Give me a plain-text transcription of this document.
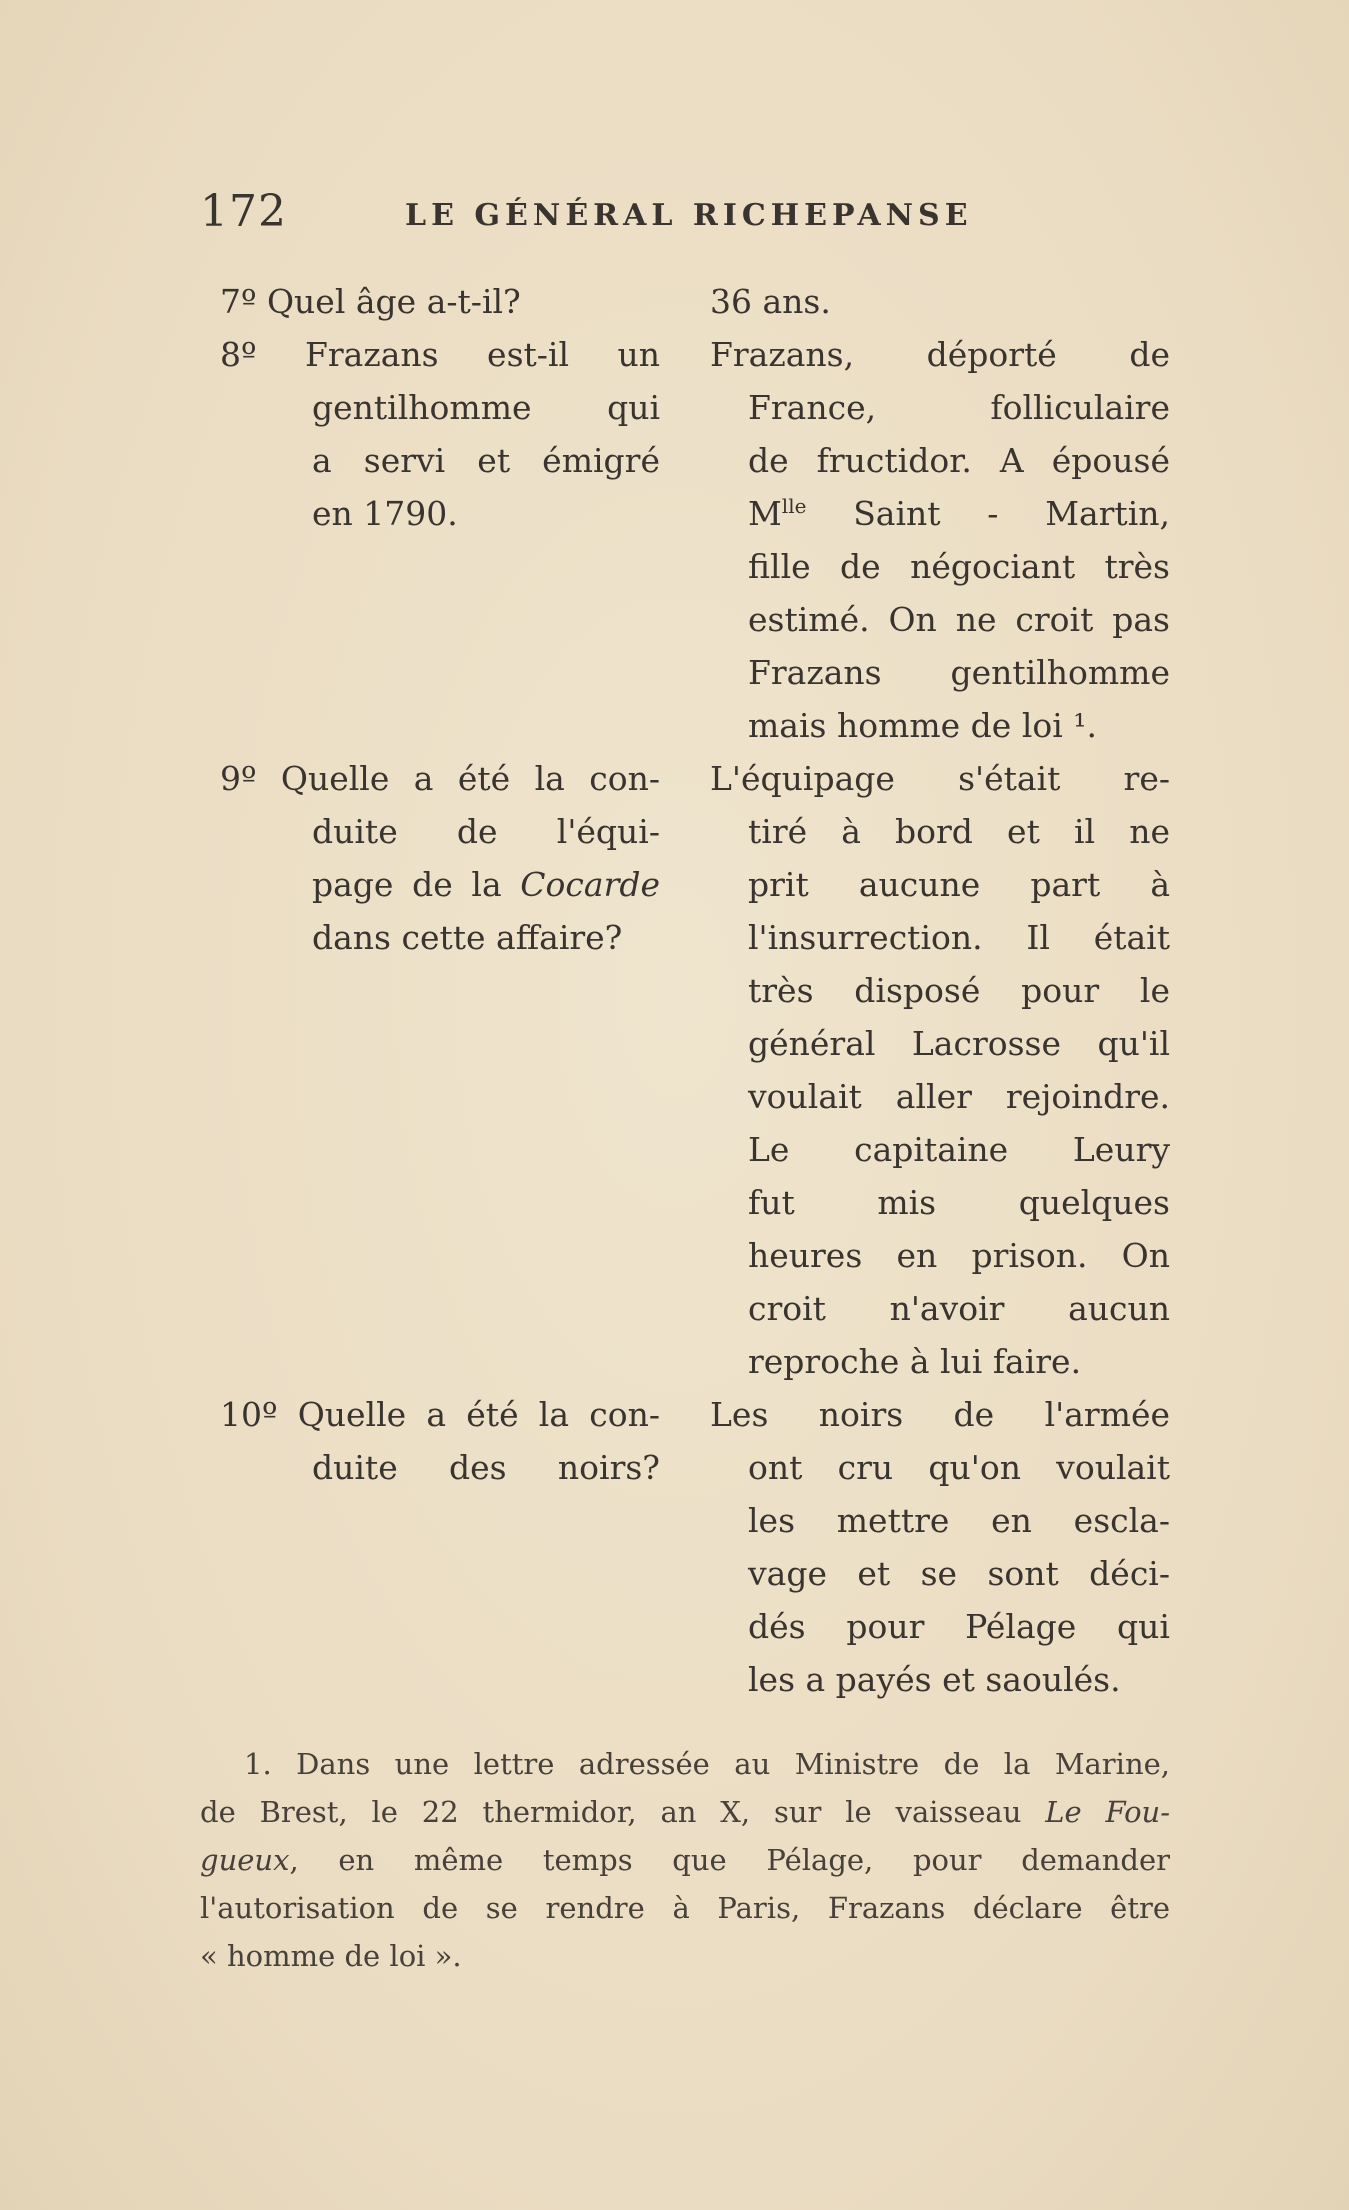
172	LE GÉNÉRAL RICHEPANSE
7º Quel âge a-t-il?	36 ans.
8º Frazans est-il un
gentilhomme qui
a servi et émigré
en 1790.
Frazans, déporté de
France, folliculaire
de fructidor. A épousé
$M^{lle}$ Saint - Martin,
fille de négociant très
estimé. On ne croit pas
Frazans gentilhomme
mais homme de loi ¹.
9º Quelle a été la con-
duite de l'équi-
page de la Cocarde
dans cette affaire?
L'équipage s'était re-
tiré à bord et il ne
prit aucune part à
l'insurrection. Il était
très disposé pour le
général Lacrosse qu'il
voulait aller rejoindre.
Le capitaine Leury
fut mis quelques
heures en prison. On
croit n'avoir aucun
reproche à lui faire.
10º Quelle a été la con-
duite des noirs?
Les noirs de l'armée
ont cru qu'on voulait
les mettre en escla-
vage et se sont déci-
dés pour Pélage qui
les a payés et saoulés.
1. Dans une lettre adressée au Ministre de la Marine,
de Brest, le 22 thermidor, an X, sur le vaisseau Le Fou-
gueux, en même temps que Pélage, pour demander
l'autorisation de se rendre à Paris, Frazans déclare être
« homme de loi ».
